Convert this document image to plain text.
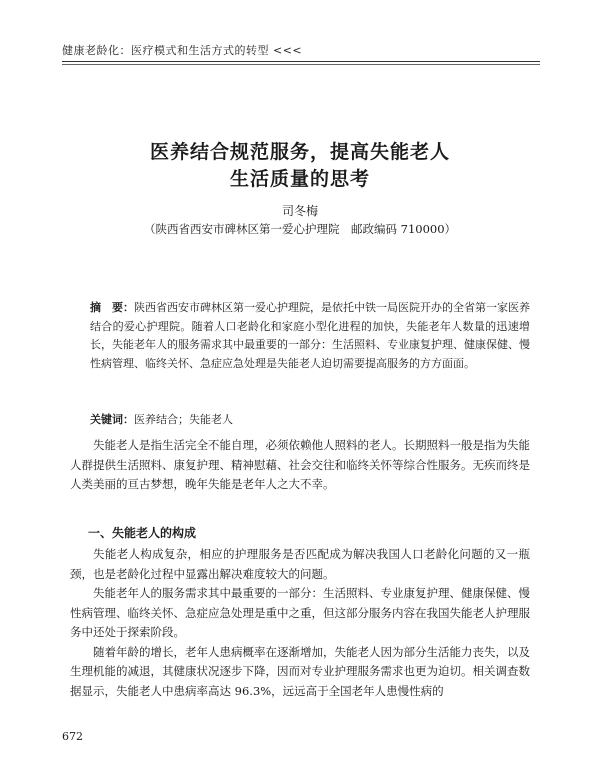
健康老龄化：医疗模式和生活方式的转型 <<<
医养结合规范服务，提高失能老人
生活质量的思考
司冬梅
（陕西省西安市碑林区第一爱心护理院　邮政编码 710000）
摘　要：陕西省西安市碑林区第一爱心护理院，是依托中铁一局医院开办的全省第一家医养结合的爱心护理院。随着人口老龄化和家庭小型化进程的加快，失能老年人数量的迅速增长，失能老年人的服务需求其中最重要的一部分：生活照料、专业康复护理、健康保健、慢性病管理、临终关怀、急症应急处理是失能老人迫切需要提高服务的方方面面。
关键词：医养结合；失能老人
失能老人是指生活完全不能自理，必须依赖他人照料的老人。长期照料一般是指为失能人群提供生活照料、康复护理、精神慰藉、社会交往和临终关怀等综合性服务。无疾而终是人类美丽的亘古梦想，晚年失能是老年人之大不幸。
一、失能老人的构成
失能老人构成复杂，相应的护理服务是否匹配成为解决我国人口老龄化问题的又一瓶颈，也是老龄化过程中显露出解决难度较大的问题。
失能老年人的服务需求其中最重要的一部分：生活照料、专业康复护理、健康保健、慢性病管理、临终关怀、急症应急处理是重中之重，但这部分服务内容在我国失能老人护理服务中还处于探索阶段。
随着年龄的增长，老年人患病概率在逐渐增加，失能老人因为部分生活能力丧失，以及生理机能的减退，其健康状况逐步下降，因而对专业护理服务需求也更为迫切。相关调查数据显示，失能老人中患病率高达 96.3%，远远高于全国老年人患慢性病的
672
